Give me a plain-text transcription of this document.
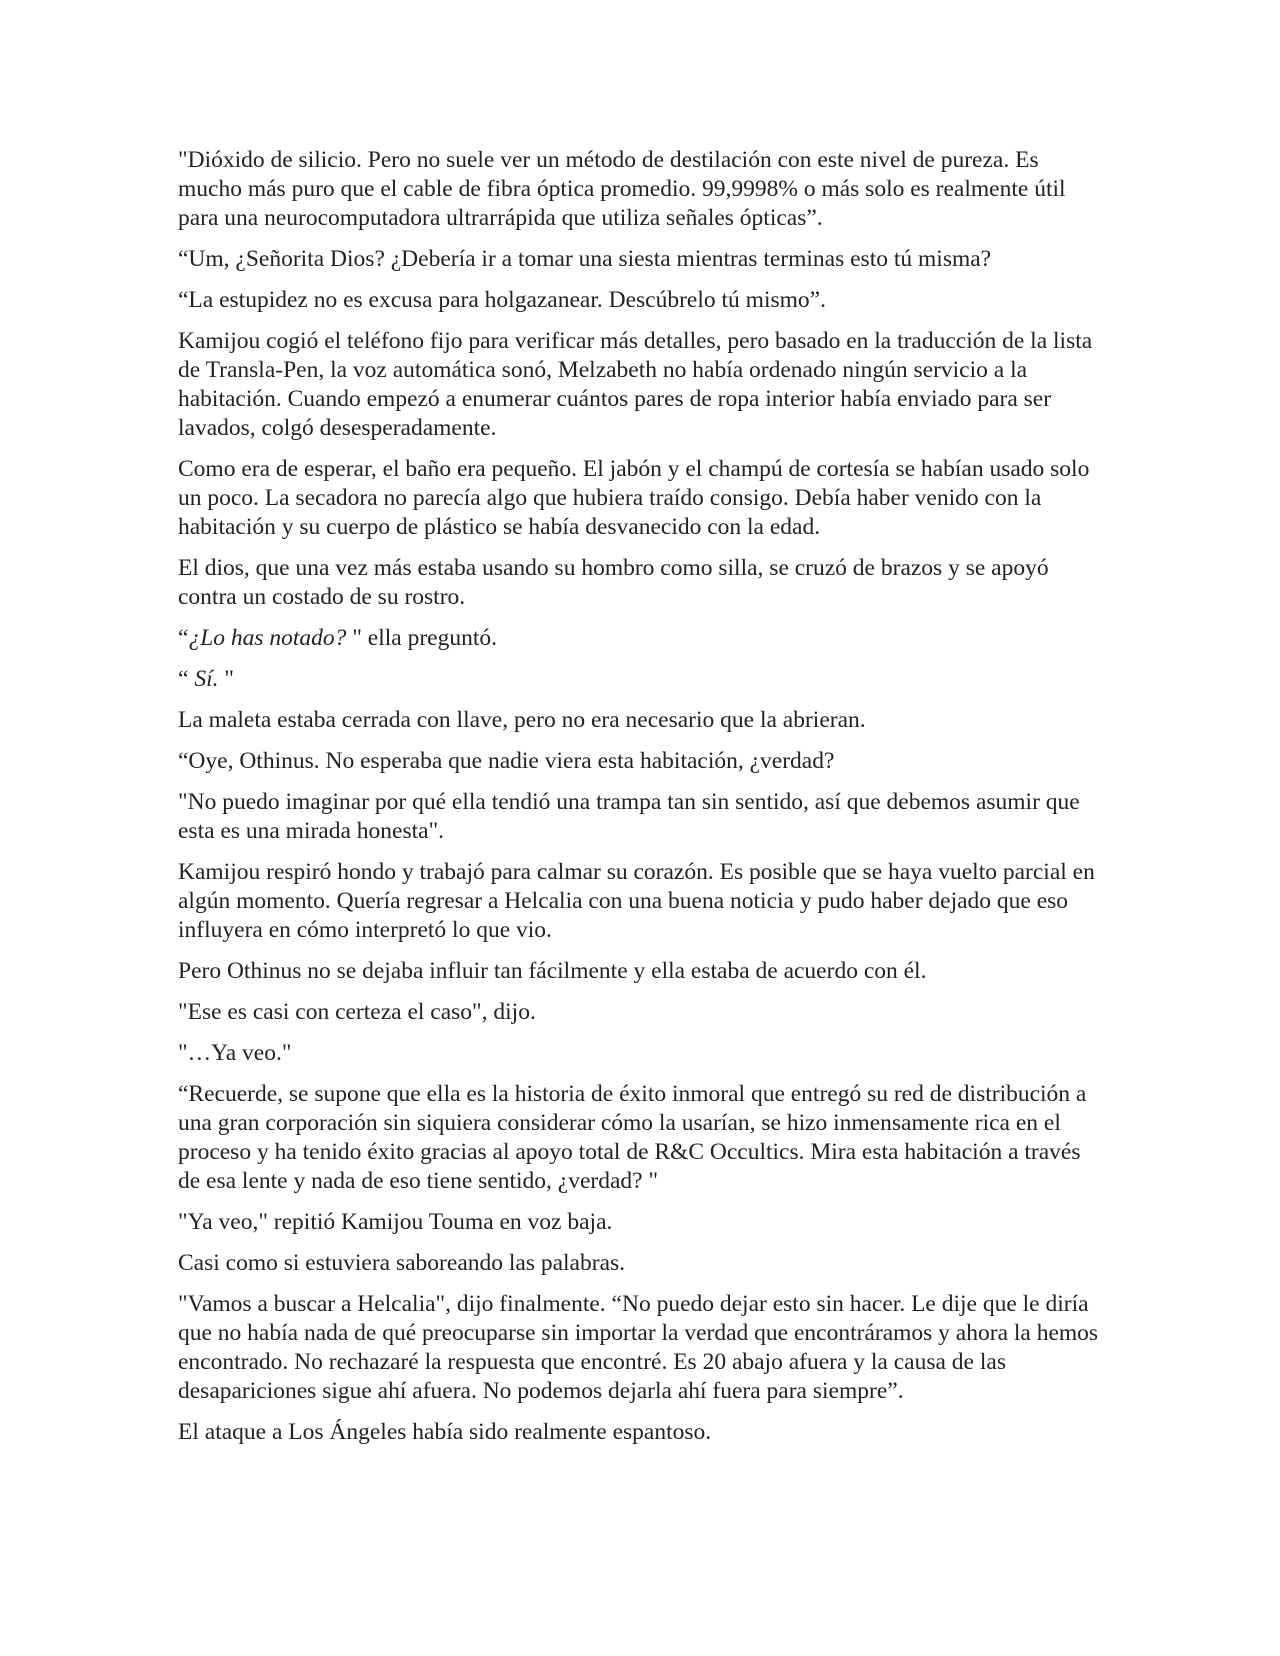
"Dióxido de silicio. Pero no suele ver un método de destilación con este nivel de pureza. Es mucho más puro que el cable de fibra óptica promedio. 99,9998% o más solo es realmente útil para una neurocomputadora ultrarrápida que utiliza señales ópticas”.

“Um, ¿Señorita Dios? ¿Debería ir a tomar una siesta mientras terminas esto tú misma?

“La estupidez no es excusa para holgazanear. Descúbrelo tú mismo”.

Kamijou cogió el teléfono fijo para verificar más detalles, pero basado en la traducción de la lista de Transla-Pen, la voz automática sonó, Melzabeth no había ordenado ningún servicio a la habitación. Cuando empezó a enumerar cuántos pares de ropa interior había enviado para ser lavados, colgó desesperadamente.

Como era de esperar, el baño era pequeño. El jabón y el champú de cortesía se habían usado solo un poco. La secadora no parecía algo que hubiera traído consigo. Debía haber venido con la habitación y su cuerpo de plástico se había desvanecido con la edad.

El dios, que una vez más estaba usando su hombro como silla, se cruzó de brazos y se apoyó contra un costado de su rostro.

“¿Lo has notado? " ella preguntó.

“ Sí. "

La maleta estaba cerrada con llave, pero no era necesario que la abrieran.

“Oye, Othinus. No esperaba que nadie viera esta habitación, ¿verdad?

"No puedo imaginar por qué ella tendió una trampa tan sin sentido, así que debemos asumir que esta es una mirada honesta".

Kamijou respiró hondo y trabajó para calmar su corazón. Es posible que se haya vuelto parcial en algún momento. Quería regresar a Helcalia con una buena noticia y pudo haber dejado que eso influyera en cómo interpretó lo que vio.

Pero Othinus no se dejaba influir tan fácilmente y ella estaba de acuerdo con él.

"Ese es casi con certeza el caso", dijo.

"…Ya veo."

“Recuerde, se supone que ella es la historia de éxito inmoral que entregó su red de distribución a una gran corporación sin siquiera considerar cómo la usarían, se hizo inmensamente rica en el proceso y ha tenido éxito gracias al apoyo total de R&C Occultics. Mira esta habitación a través de esa lente y nada de eso tiene sentido, ¿verdad? "

"Ya veo," repitió Kamijou Touma en voz baja.

Casi como si estuviera saboreando las palabras.

"Vamos a buscar a Helcalia", dijo finalmente. “No puedo dejar esto sin hacer. Le dije que le diría que no había nada de qué preocuparse sin importar la verdad que encontráramos y ahora la hemos encontrado. No rechazaré la respuesta que encontré. Es 20 abajo afuera y la causa de las desapariciones sigue ahí afuera. No podemos dejarla ahí fuera para siempre”.

El ataque a Los Ángeles había sido realmente espantoso.
